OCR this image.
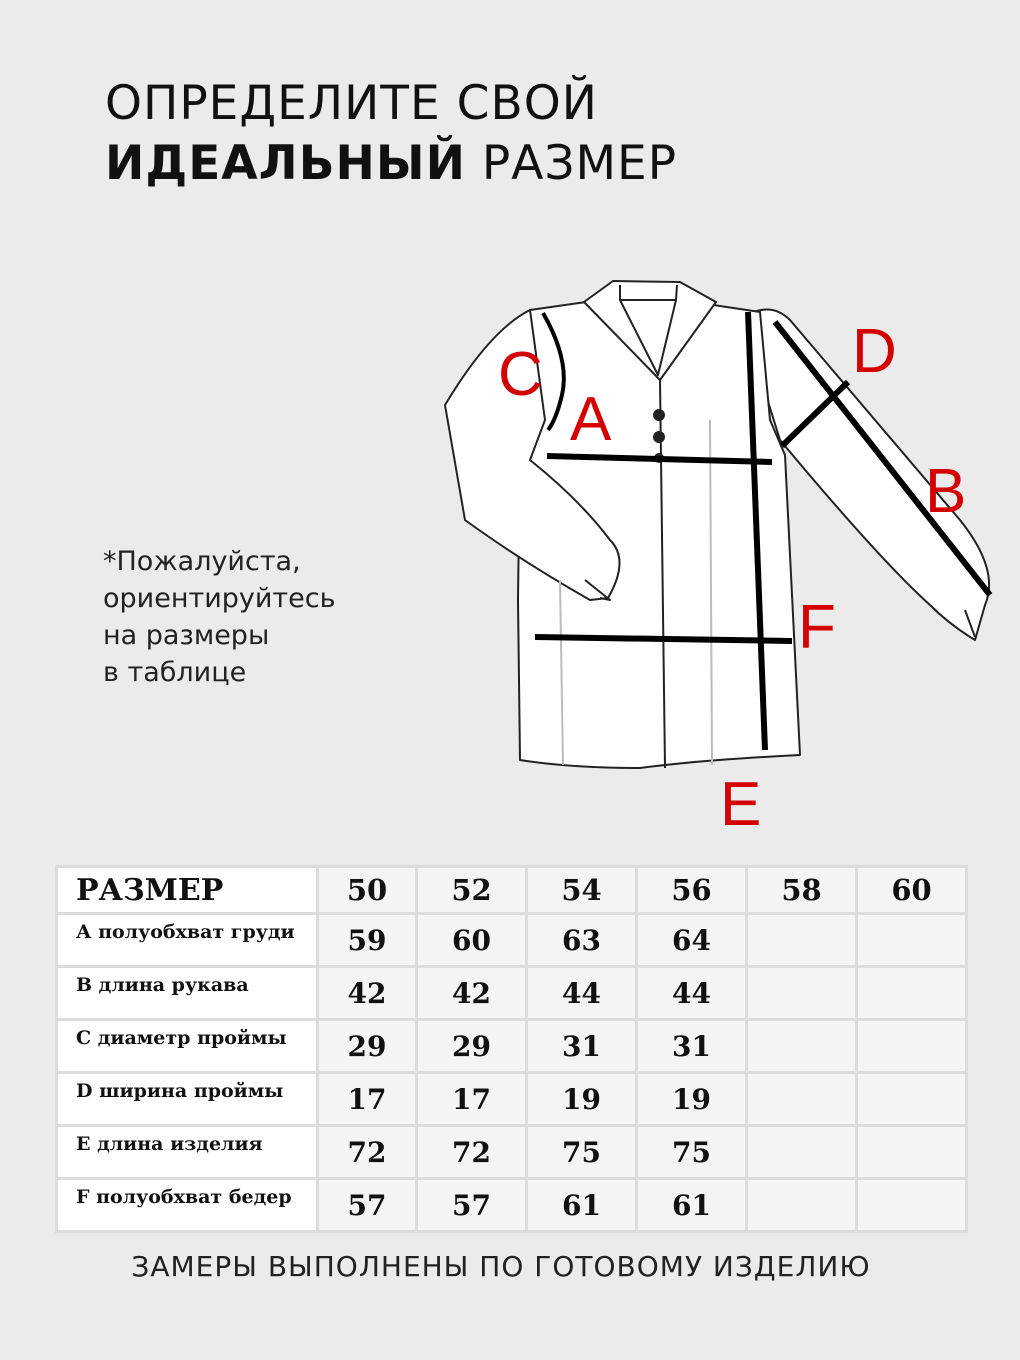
ОПРЕДЕЛИТЕ СВОЙ
ИДЕАЛЬНЫЙ РАЗМЕР
*Пожалуйста,
ориентируйтесь
на размеры
в таблице
C
A
D
B
F
E
РАЗМЕР	50	52	54	56	58	60
А полуобхват груди	59	60	63	64		
B длина рукава	42	42	44	44		
С диаметр проймы	29	29	31	31		
D ширина проймы	17	17	19	19		
Е длина изделия	72	72	75	75		
F полуобхват бедер	57	57	61	61		
ЗАМЕРЫ ВЫПОЛНЕНЫ ПО ГОТОВОМУ ИЗДЕЛИЮ
